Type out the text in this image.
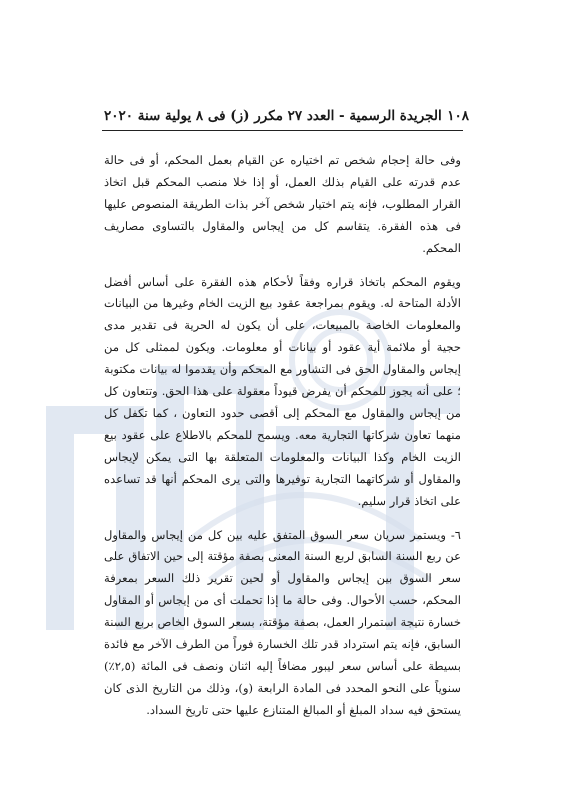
١٠٨
الجريدة الرسمية - العدد ٢٧ مكرر (ز) فى ٨ يولية سنة ٢٠٢٠

وفى حالة إحجام شخص تم اختياره عن القيام بعمل المحكم، أو فى حالة عدم قدرته على القيام بذلك العمل، أو إذا خلا منصب المحكم قبل اتخاذ القرار المطلوب، فإنه يتم اختيار شخص آخر بذات الطريقة المنصوص عليها فى هذه الفقرة. يتقاسم كل من إيجاس والمقاول بالتساوى مصاريف المحكم.

ويقوم المحكم باتخاذ قراره وفقاً لأحكام هذه الفقرة على أساس أفضل الأدلة المتاحة له. ويقوم بمراجعة عقود بيع الزيت الخام وغيرها من البيانات والمعلومات الخاصة بالمبيعات، على أن يكون له الحرية فى تقدير مدى حجية أو ملائمة أية عقود أو بيانات أو معلومات. ويكون لممثلى كل من إيجاس والمقاول الحق فى التشاور مع المحكم وأن يقدموا له بيانات مكتوبة ؛ على أنه يجوز للمحكم أن يفرض قيوداً معقولة على هذا الحق. وتتعاون كل من إيجاس والمقاول مع المحكم إلى أقصى حدود التعاون ، كما تكفل كل منهما تعاون شركاتها التجارية معه. ويسمح للمحكم بالاطلاع على عقود بيع الزيت الخام وكذا البيانات والمعلومات المتعلقة بها التى يمكن لإيجاس والمقاول أو شركاتهما التجارية توفيرها والتى يرى المحكم أنها قد تساعده على اتخاذ قرار سليم.

٦- ويستمر سريان سعر السوق المتفق عليه بين كل من إيجاس والمقاول عن ربع السنة السابق لربع السنة المعنى بصفة مؤقتة إلى حين الاتفاق على سعر السوق بين إيجاس والمقاول أو لحين تقرير ذلك السعر بمعرفة المحكم، حسب الأحوال. وفى حالة ما إذا تحملت أى من إيجاس أو المقاول خسارة نتيجة استمرار العمل، بصفة مؤقتة، بسعر السوق الخاص بربع السنة السابق، فإنه يتم استرداد قدر تلك الخسارة فوراً من الطرف الآخر مع فائدة بسيطة على أساس سعر ليبور مضافاً إليه اثنان ونصف فى المائة (٢,٥٪) سنوياً على النحو المحدد فى المادة الرابعة (و)، وذلك من التاريخ الذى كان يستحق فيه سداد المبلغ أو المبالغ المتنازع عليها حتى تاريخ السداد.
